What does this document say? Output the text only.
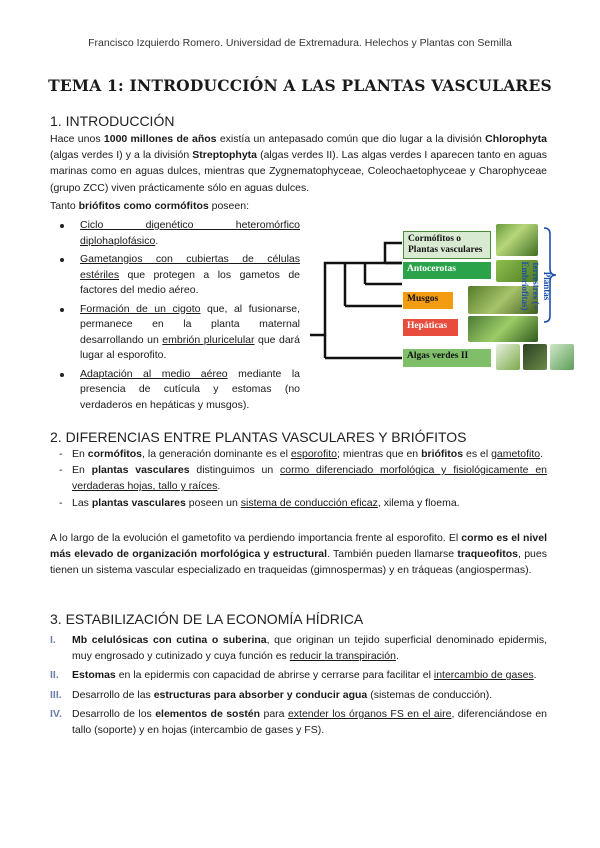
Francisco Izquierdo Romero. Universidad de Extremadura. Helechos y Plantas con Semilla
TEMA 1: INTRODUCCIÓN A LAS PLANTAS VASCULARES
1. INTRODUCCIÓN
Hace unos 1000 millones de años existía un antepasado común que dio lugar a la división Chlorophyta (algas verdes I) y a la división Streptophyta (algas verdes II). Las algas verdes I aparecen tanto en aguas marinas como en aguas dulces, mientras que Zygnematophyceae, Coleochaetophyceae y Charophyceae (grupo ZCC) viven prácticamente sólo en aguas dulces.
Tanto briófitos como cormófitos poseen:
Ciclo digenético heteromórfico diplohaplofásico.
Gametangios con cubiertas de células estériles que protegen a los gametos de factores del medio aéreo.
Formación de un cigoto que, al fusionarse, permanece en la planta maternal desarrollando un embrión pluricelular que dará lugar al esporofito.
Adaptación al medio aéreo mediante la presencia de cutícula y estomas (no verdaderos en hepáticas y musgos).
Cormófitos o Plantas vasculares
Antocerotas
Musgos
Hepáticas
Algas verdes II
Plantas terrestres (= Embriofitas)
2. DIFERENCIAS ENTRE PLANTAS VASCULARES Y BRIÓFITOS
- En cormófitos, la generación dominante es el esporofito; mientras que en briófitos es el gametofito.
- En plantas vasculares distinguimos un cormo diferenciado morfológica y fisiológicamente en verdaderas hojas, tallo y raíces.
- Las plantas vasculares poseen un sistema de conducción eficaz, xilema y floema.
A lo largo de la evolución el gametofito va perdiendo importancia frente al esporofito. El cormo es el nivel más elevado de organización morfológica y estructural. También pueden llamarse traqueofitos, pues tienen un sistema vascular especializado en traqueidas (gimnospermas) y en tráqueas (angiospermas).
3. ESTABILIZACIÓN DE LA ECONOMÍA HÍDRICA
I. Mb celulósicas con cutina o suberina, que originan un tejido superficial denominado epidermis, muy engrosado y cutinizado y cuya función es reducir la transpiración.
II. Estomas en la epidermis con capacidad de abrirse y cerrarse para facilitar el intercambio de gases.
III. Desarrollo de las estructuras para absorber y conducir agua (sistemas de conducción).
IV. Desarrollo de los elementos de sostén para extender los órganos FS en el aire, diferenciándose en tallo (soporte) y en hojas (intercambio de gases y FS).
